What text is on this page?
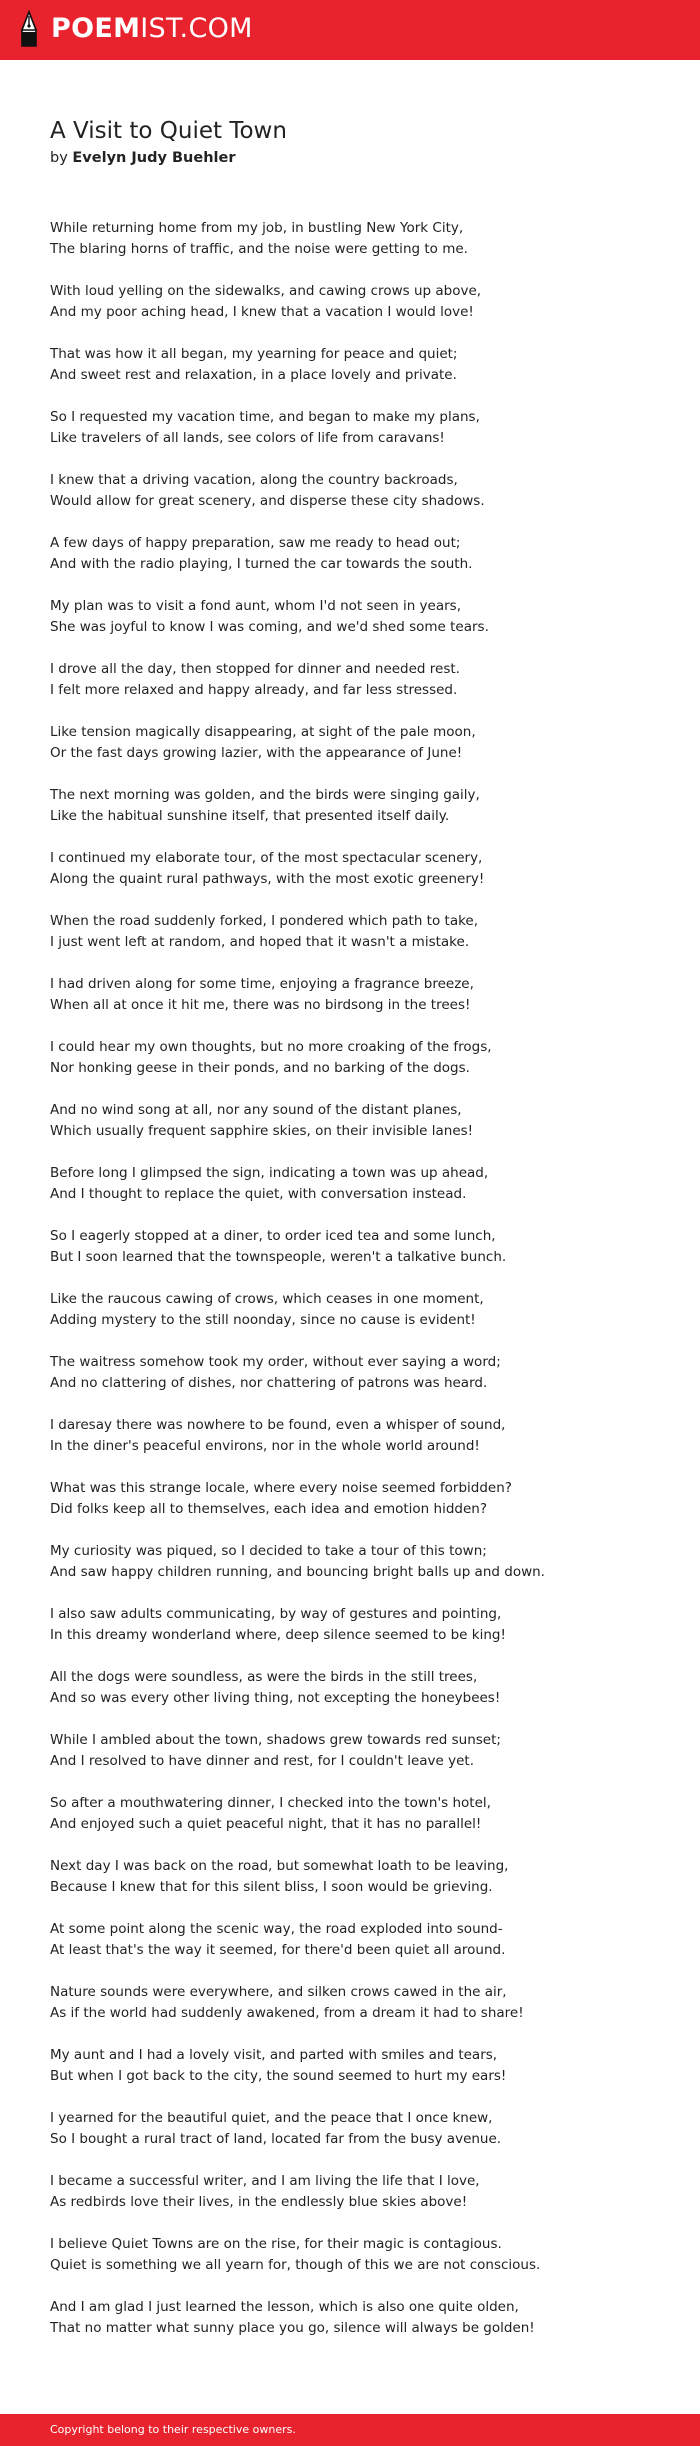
POEMIST.COM
A Visit to Quiet Town
by Evelyn Judy Buehler
While returning home from my job, in bustling New York City,
The blaring horns of traffic, and the noise were getting to me.
With loud yelling on the sidewalks, and cawing crows up above,
And my poor aching head, I knew that a vacation I would love!
That was how it all began, my yearning for peace and quiet;
And sweet rest and relaxation, in a place lovely and private.
So I requested my vacation time, and began to make my plans,
Like travelers of all lands, see colors of life from caravans!
I knew that a driving vacation, along the country backroads,
Would allow for great scenery, and disperse these city shadows.
A few days of happy preparation, saw me ready to head out;
And with the radio playing, I turned the car towards the south.
My plan was to visit a fond aunt, whom I'd not seen in years,
She was joyful to know I was coming, and we'd shed some tears.
I drove all the day, then stopped for dinner and needed rest.
I felt more relaxed and happy already, and far less stressed.
Like tension magically disappearing, at sight of the pale moon,
Or the fast days growing lazier, with the appearance of June!
The next morning was golden, and the birds were singing gaily,
Like the habitual sunshine itself, that presented itself daily.
I continued my elaborate tour, of the most spectacular scenery,
Along the quaint rural pathways, with the most exotic greenery!
When the road suddenly forked, I pondered which path to take,
I just went left at random, and hoped that it wasn't a mistake.
I had driven along for some time, enjoying a fragrance breeze,
When all at once it hit me, there was no birdsong in the trees!
I could hear my own thoughts, but no more croaking of the frogs,
Nor honking geese in their ponds, and no barking of the dogs.
And no wind song at all, nor any sound of the distant planes,
Which usually frequent sapphire skies, on their invisible lanes!
Before long I glimpsed the sign, indicating a town was up ahead,
And I thought to replace the quiet, with conversation instead.
So I eagerly stopped at a diner, to order iced tea and some lunch,
But I soon learned that the townspeople, weren't a talkative bunch.
Like the raucous cawing of crows, which ceases in one moment,
Adding mystery to the still noonday, since no cause is evident!
The waitress somehow took my order, without ever saying a word;
And no clattering of dishes, nor chattering of patrons was heard.
I daresay there was nowhere to be found, even a whisper of sound,
In the diner's peaceful environs, nor in the whole world around!
What was this strange locale, where every noise seemed forbidden?
Did folks keep all to themselves, each idea and emotion hidden?
My curiosity was piqued, so I decided to take a tour of this town;
And saw happy children running, and bouncing bright balls up and down.
I also saw adults communicating, by way of gestures and pointing,
In this dreamy wonderland where, deep silence seemed to be king!
All the dogs were soundless, as were the birds in the still trees,
And so was every other living thing, not excepting the honeybees!
While I ambled about the town, shadows grew towards red sunset;
And I resolved to have dinner and rest, for I couldn't leave yet.
So after a mouthwatering dinner, I checked into the town's hotel,
And enjoyed such a quiet peaceful night, that it has no parallel!
Next day I was back on the road, but somewhat loath to be leaving,
Because I knew that for this silent bliss, I soon would be grieving.
At some point along the scenic way, the road exploded into sound-
At least that's the way it seemed, for there'd been quiet all around.
Nature sounds were everywhere, and silken crows cawed in the air,
As if the world had suddenly awakened, from a dream it had to share!
My aunt and I had a lovely visit, and parted with smiles and tears,
But when I got back to the city, the sound seemed to hurt my ears!
I yearned for the beautiful quiet, and the peace that I once knew,
So I bought a rural tract of land, located far from the busy avenue.
I became a successful writer, and I am living the life that I love,
As redbirds love their lives, in the endlessly blue skies above!
I believe Quiet Towns are on the rise, for their magic is contagious.
Quiet is something we all yearn for, though of this we are not conscious.
And I am glad I just learned the lesson, which is also one quite olden,
That no matter what sunny place you go, silence will always be golden!
Copyright belong to their respective owners.
